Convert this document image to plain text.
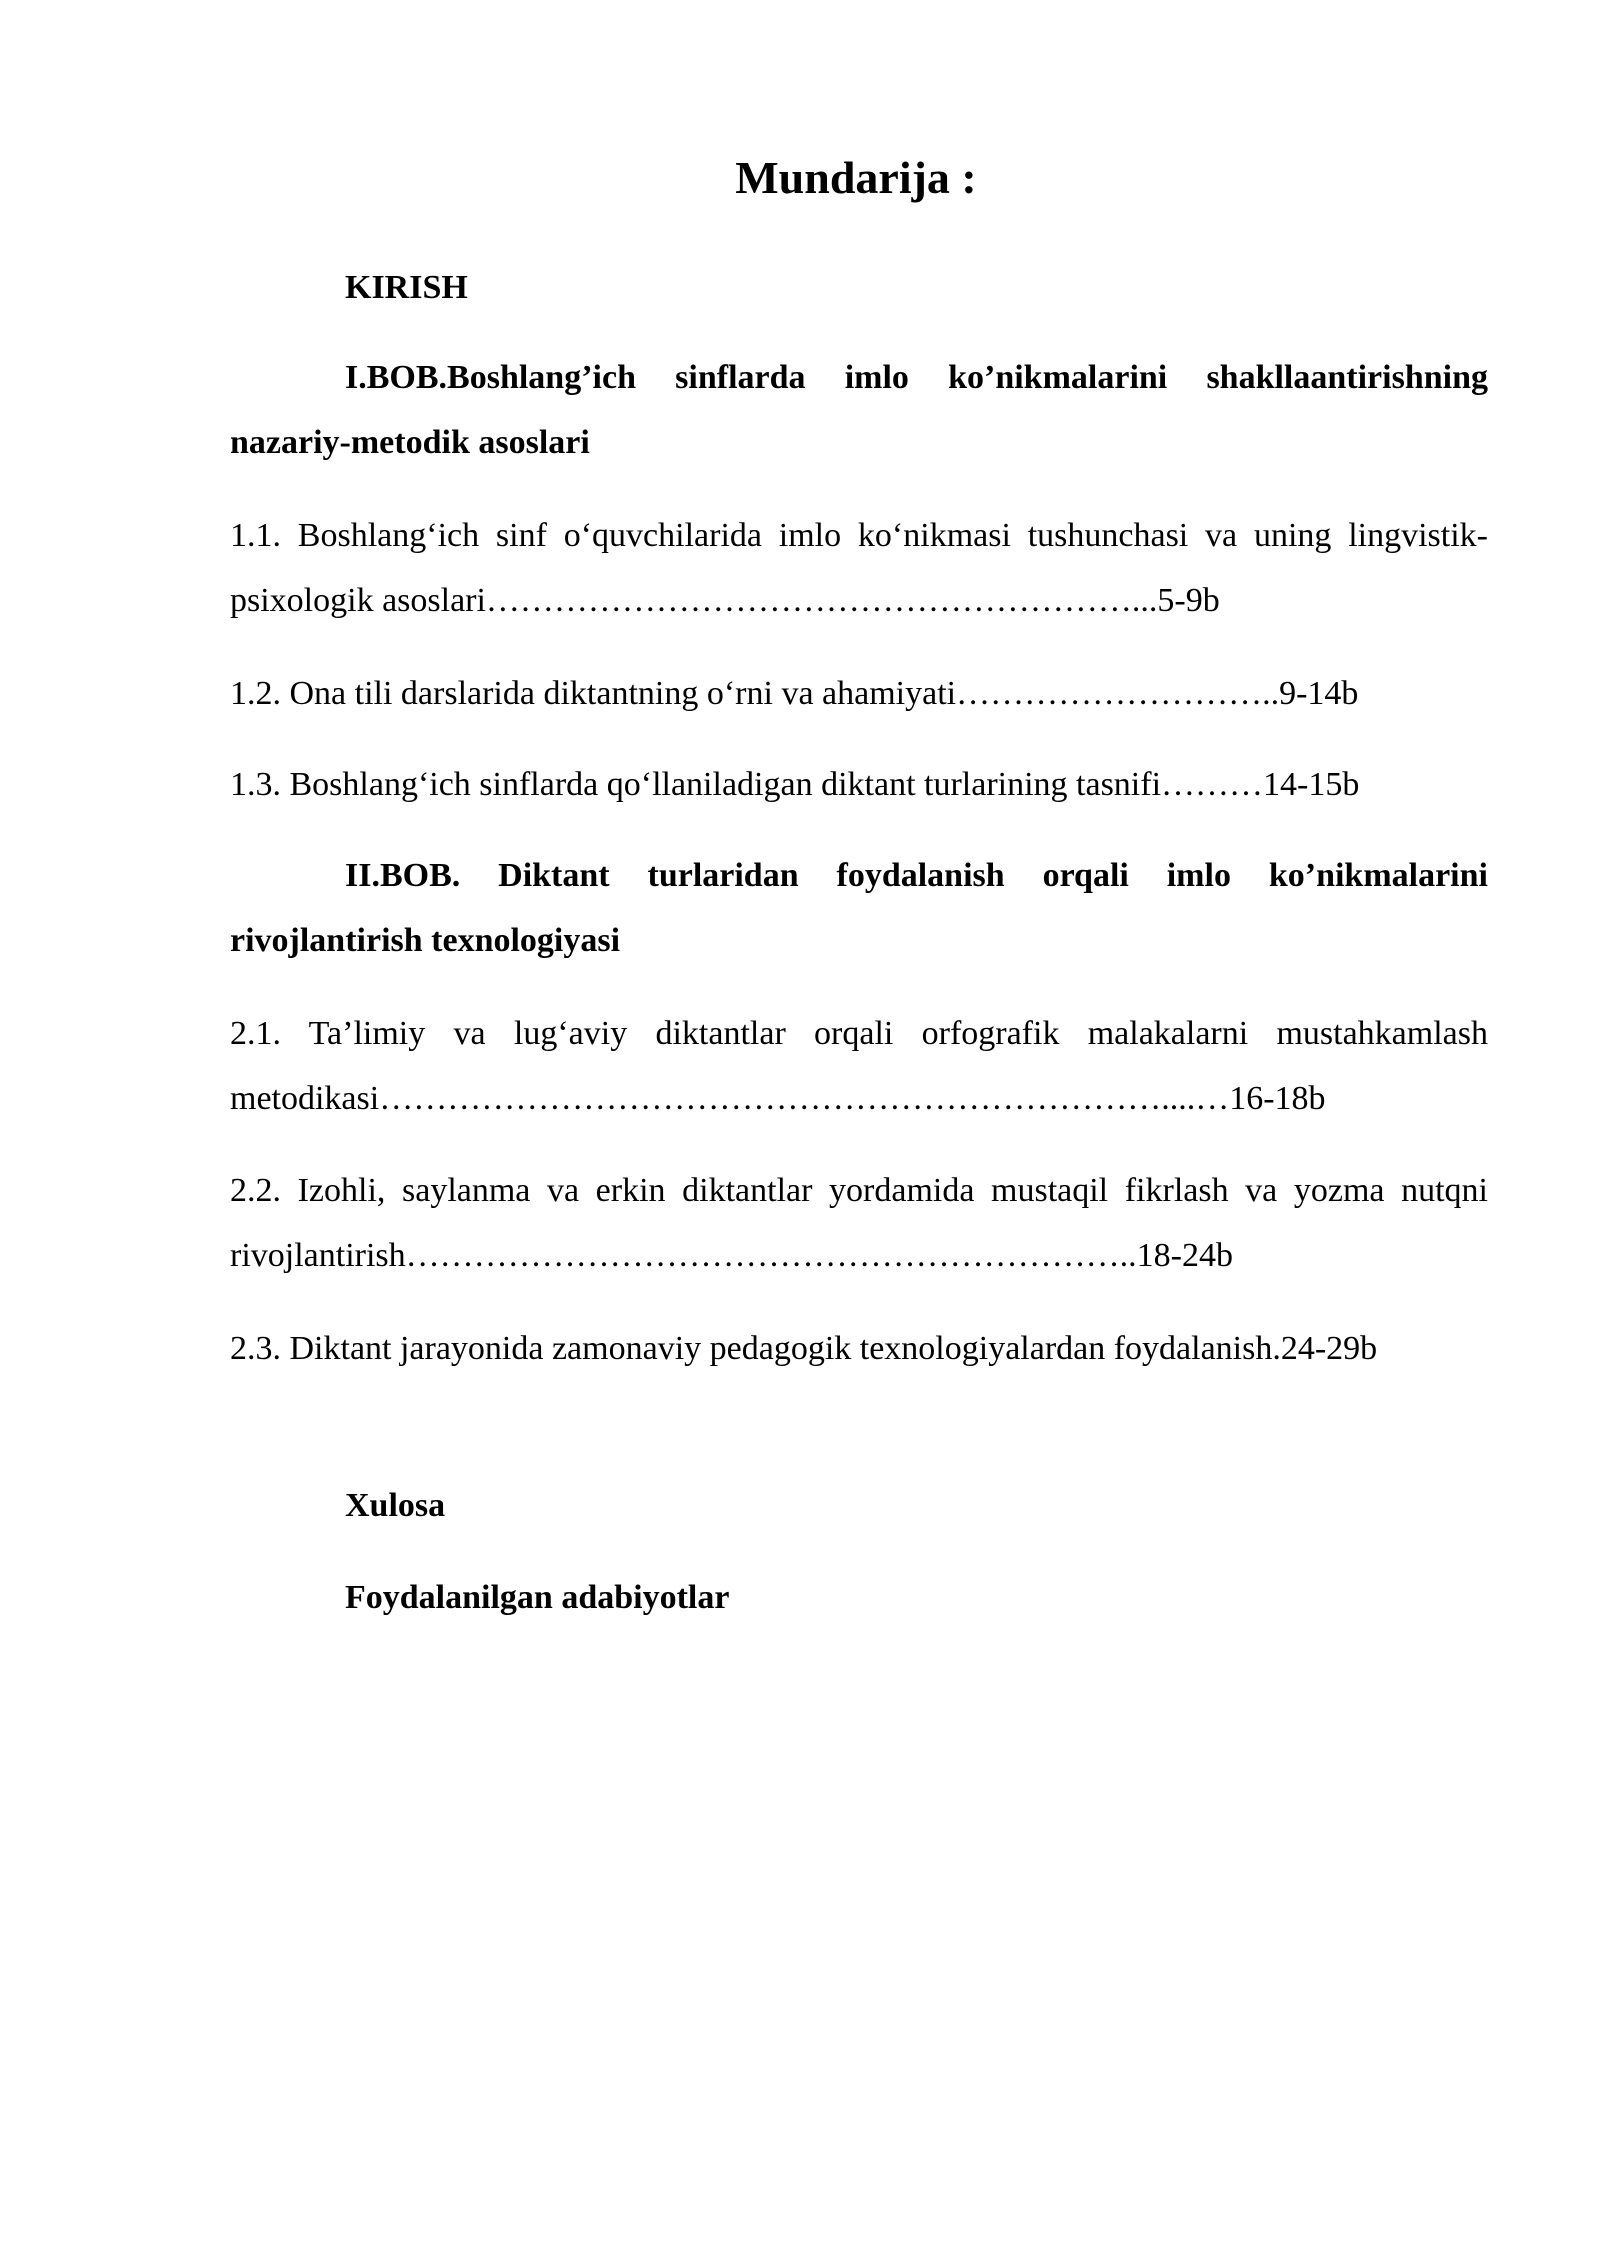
Mundarija :

KIRISH

I.BOB.Boshlang’ich sinflarda imlo ko’nikmalarini shakllaantirishning nazariy-metodik asoslari

1.1. Boshlang‘ich sinf o‘quvchilarida imlo ko‘nikmasi tushunchasi va uning lingvistik-psixologik asoslari…………………………………………………...5-9b

1.2. Ona tili darslarida diktantning o‘rni va ahamiyati………………………..9-14b

1.3. Boshlang‘ich sinflarda qo‘llaniladigan diktant turlarining tasnifi………14-15b

II.BOB. Diktant turlaridan foydalanish orqali imlo ko’nikmalarini rivojlantirish texnologiyasi

2.1. Ta’limiy va lug‘aviy diktantlar orqali orfografik malakalarni mustahkamlash metodikasi……………………………………………………………....…16-18b

2.2. Izohli, saylanma va erkin diktantlar yordamida mustaqil fikrlash va yozma nutqni rivojlantirish………………………………………………………..18-24b

2.3. Diktant jarayonida zamonaviy pedagogik texnologiyalardan foydalanish.24-29b

Xulosa

Foydalanilgan adabiyotlar
